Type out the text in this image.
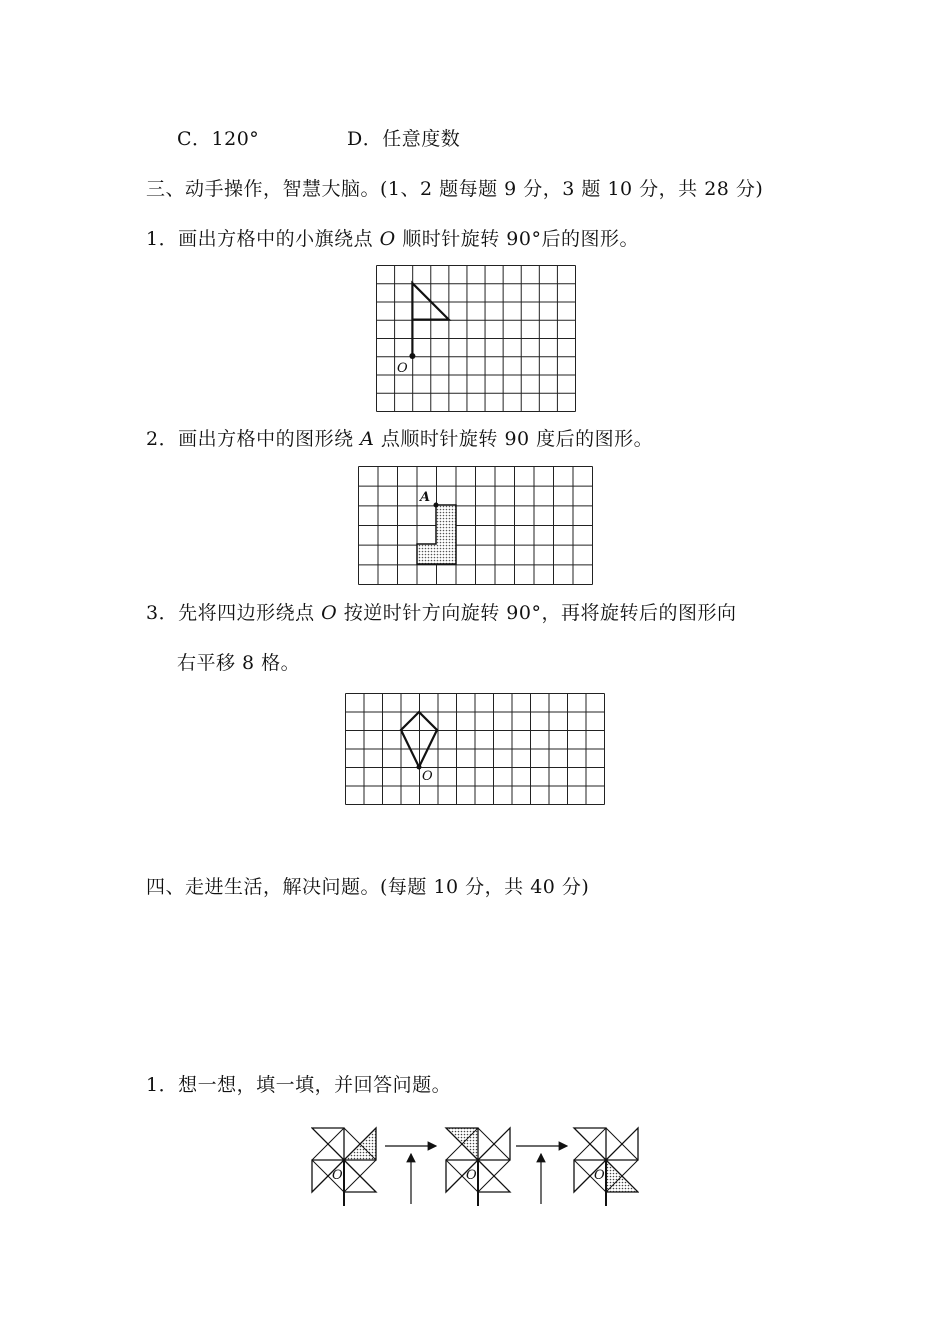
C．120°	D．任意度数
三、动手操作，智慧大脑。(1、2 题每题 9 分，3 题 10 分，共 28 分)
1．画出方格中的小旗绕点 O 顺时针旋转 90°后的图形。
O
2．画出方格中的图形绕 A 点顺时针旋转 90 度后的图形。
A
3．先将四边形绕点 O 按逆时针方向旋转 90°，再将旋转后的图形向
右平移 8 格。
O
四、走进生活，解决问题。(每题 10 分，共 40 分)
1．想一想，填一填，并回答问题。
O	O	O
